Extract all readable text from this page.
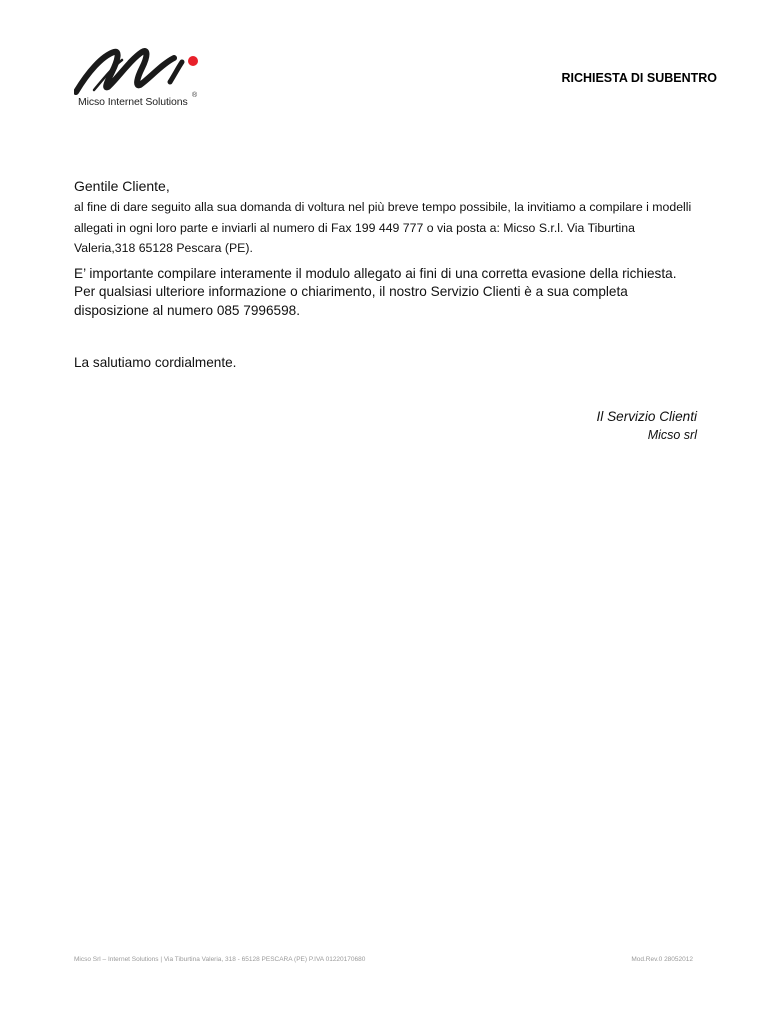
®
Micso Internet Solutions
RICHIESTA DI SUBENTRO
Gentile Cliente,
al fine di dare seguito alla sua domanda di voltura nel più breve tempo possibile, la invitiamo a compilare i modelli allegati in ogni loro parte e inviarli al numero di Fax 199 449 777 o via posta a: Micso S.r.l. Via Tiburtina Valeria,318 65128 Pescara (PE).

E’ importante compilare interamente il modulo allegato ai fini di una corretta evasione della richiesta.

Per qualsiasi ulteriore informazione o chiarimento, il nostro Servizio Clienti è a sua completa disposizione al numero 085 7996598.

La salutiamo cordialmente.
Il Servizio Clienti
Micso srl
Micso Srl – Internet Solutions | Via Tiburtina Valeria, 318 - 65128 PESCARA (PE) P.IVA 01220170680	Mod.Rev.0 28052012
